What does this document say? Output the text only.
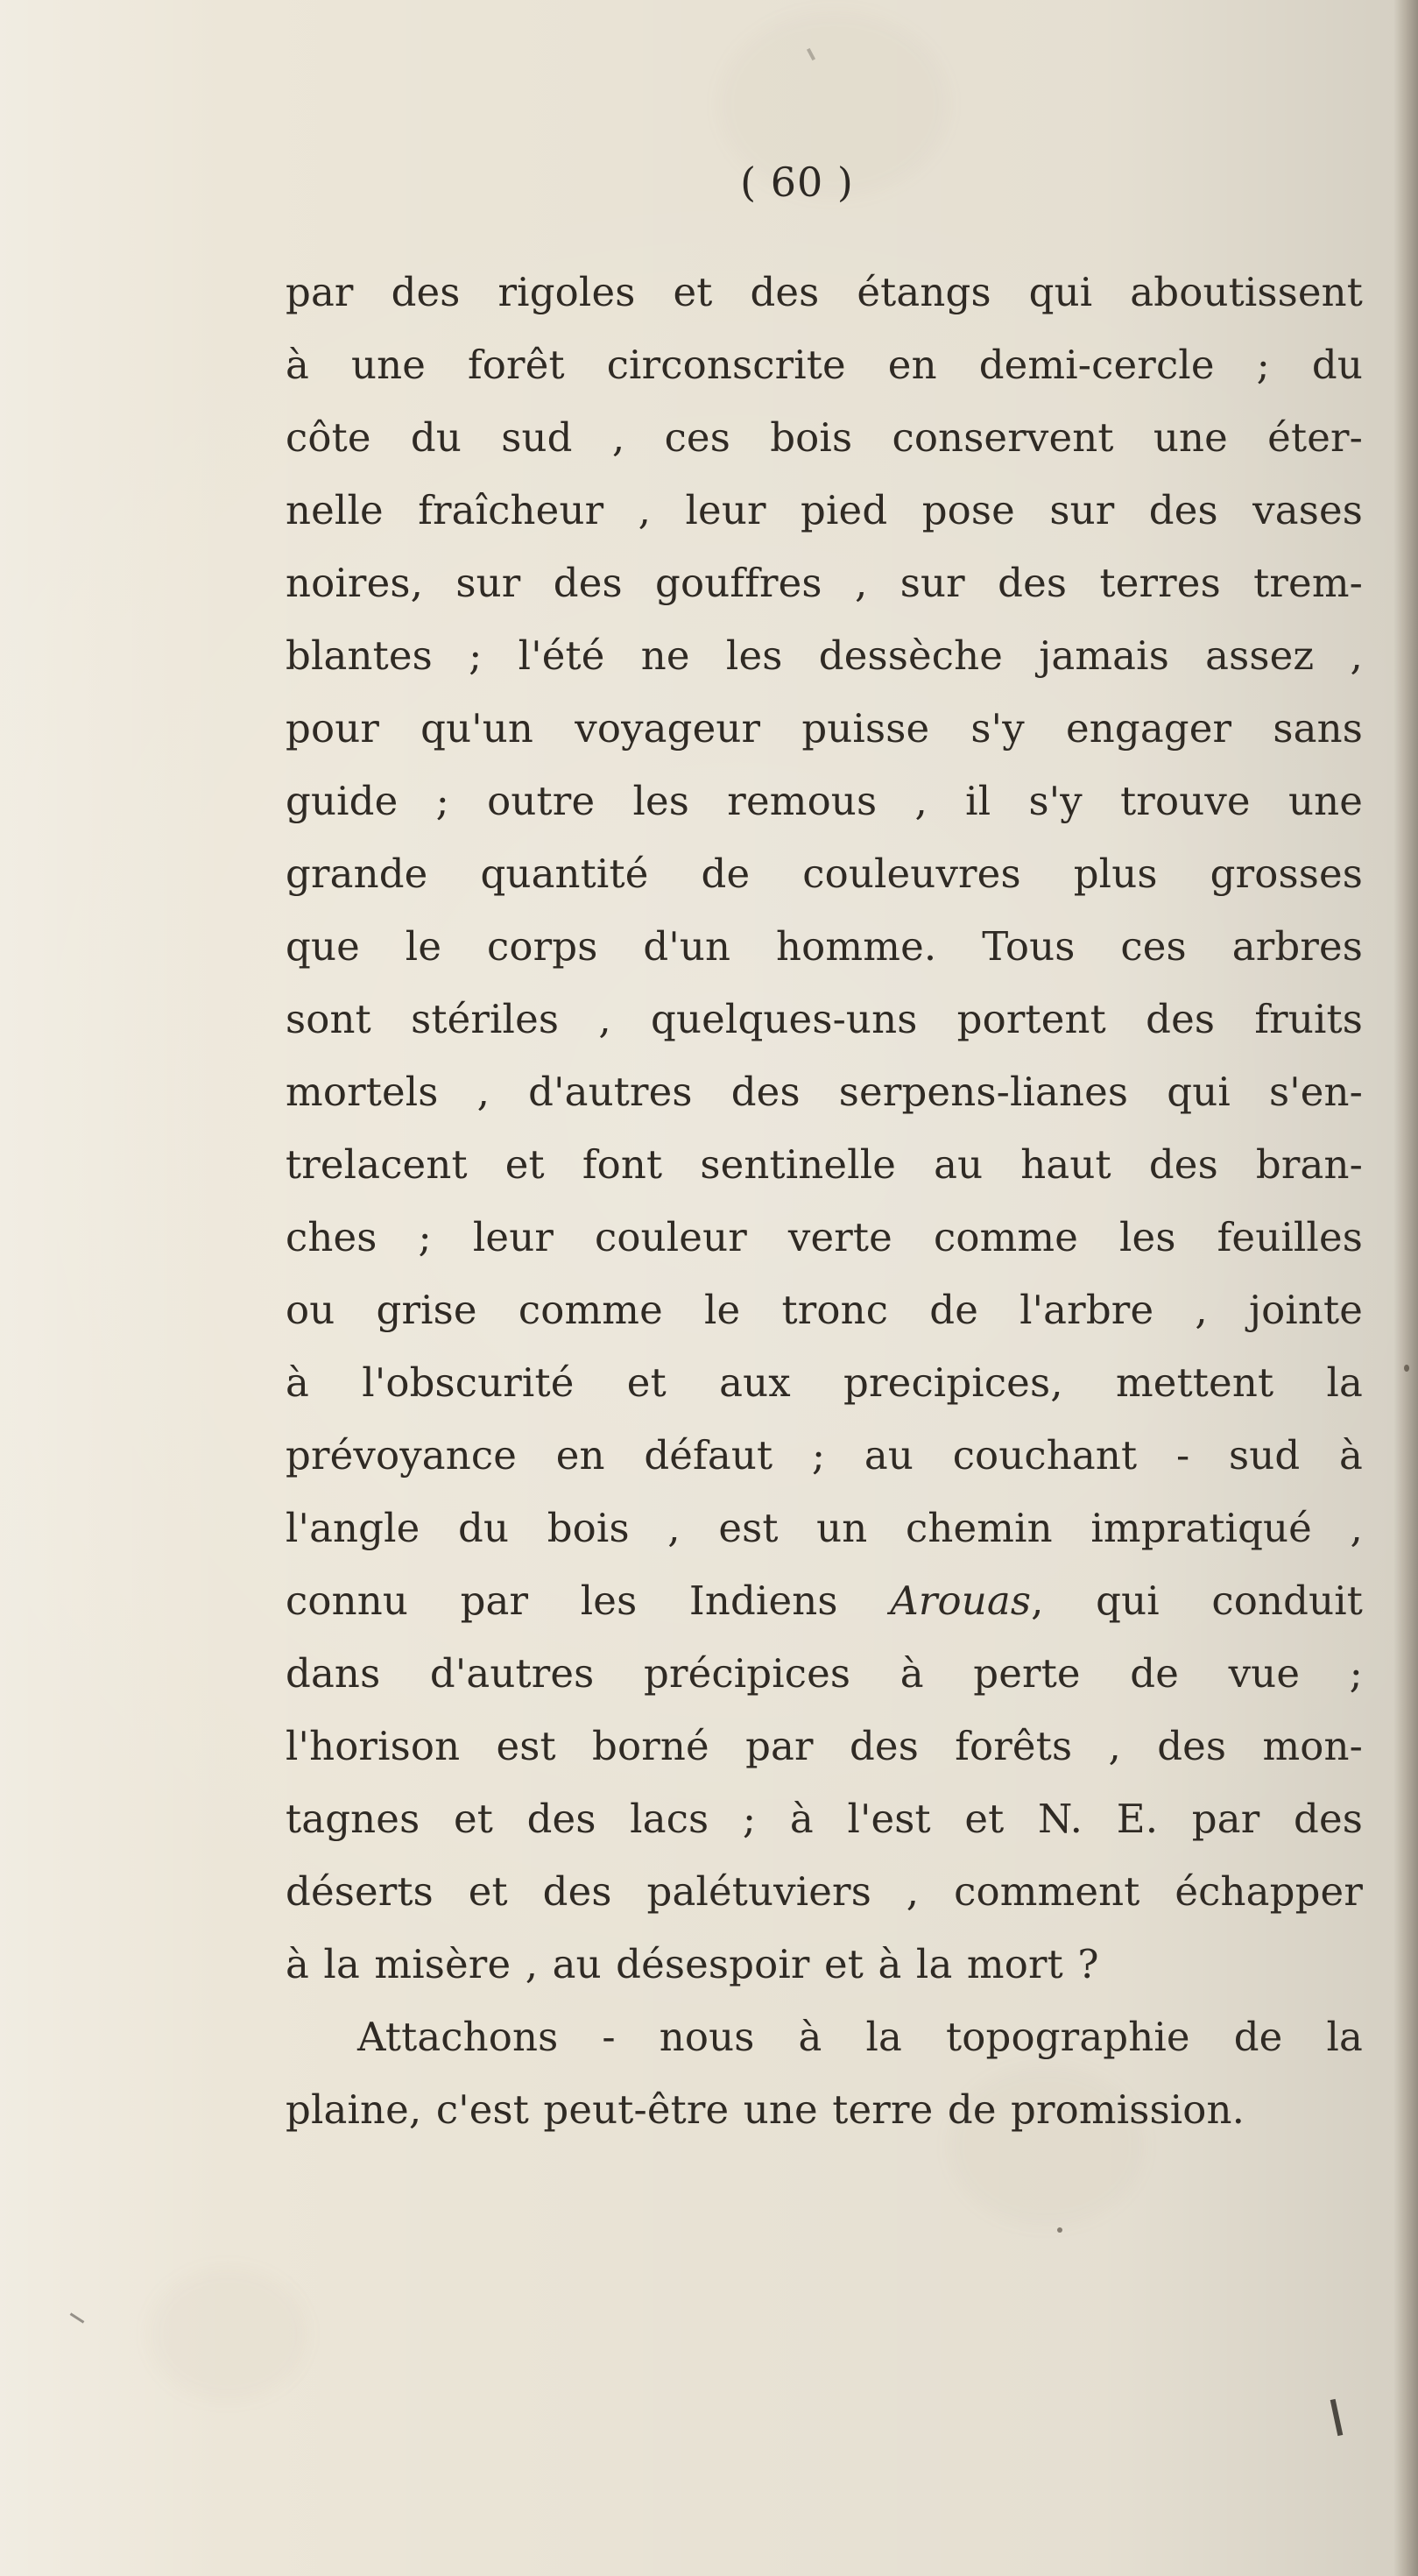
( 60 )
par des rigoles et des étangs qui aboutissent
à une forêt circonscrite en demi-cercle ; du
côte du sud , ces bois conservent une éter-
nelle fraîcheur , leur pied pose sur des vases
noires, sur des gouffres , sur des terres trem-
blantes ; l'été ne les dessèche jamais assez ,
pour qu'un voyageur puisse s'y engager sans
guide ; outre les remous , il s'y trouve une
grande quantité de couleuvres plus grosses
que le corps d'un homme. Tous ces arbres
sont stériles , quelques-uns portent des fruits
mortels , d'autres des serpens-lianes qui s'en-
trelacent et font sentinelle au haut des bran-
ches ; leur couleur verte comme les feuilles
ou grise comme le tronc de l'arbre , jointe
à l'obscurité et aux precipices, mettent la
prévoyance en défaut ; au couchant - sud à
l'angle du bois , est un chemin impratiqué ,
connu par les Indiens Arouas, qui conduit
dans d'autres précipices à perte de vue ;
l'horison est borné par des forêts , des mon-
tagnes et des lacs ; à l'est et N. E. par des
déserts et des palétuviers , comment échapper
à la misère , au désespoir et à la mort ?
Attachons - nous à la topographie de la
plaine, c'est peut-être une terre de promission.
